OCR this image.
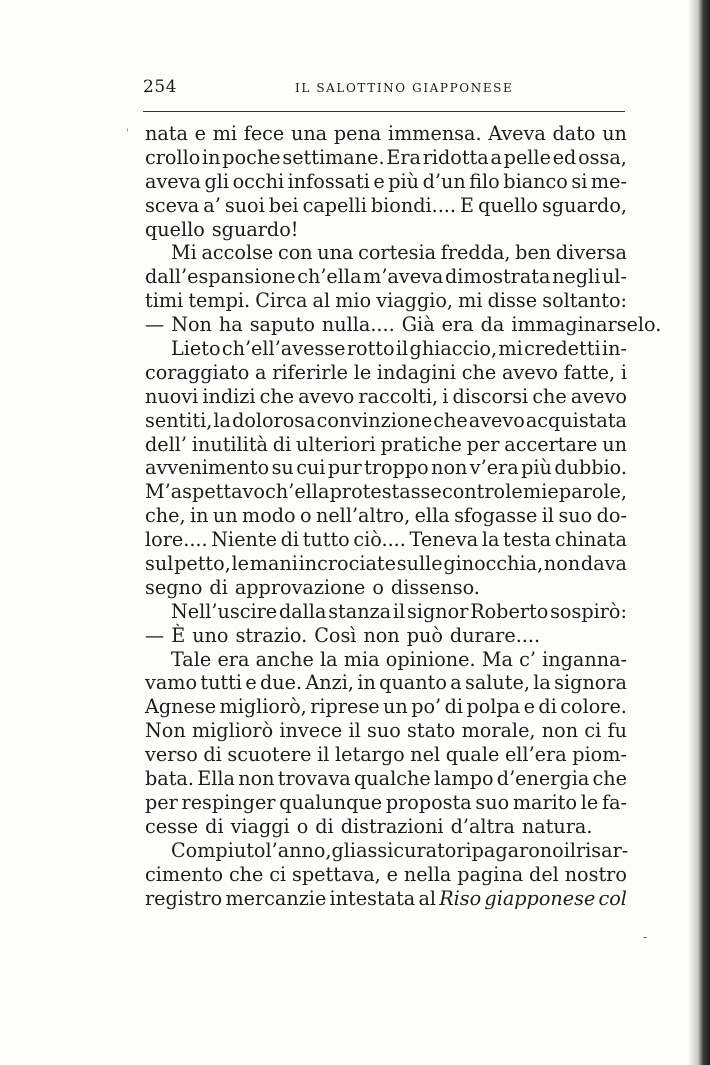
254	IL SALOTTINO GIAPPONESE
'
-
nata e mi fece una pena immensa. Aveva dato un
crollo in poche settimane. Era ridotta a pelle ed ossa,
aveva gli occhi infossati e più d’un filo bianco si me-
sceva a’ suoi bei capelli biondi.... E quello sguardo,
quello sguardo!
Mi accolse con una cortesia fredda, ben diversa
dall’espansione ch’ella m’aveva dimostrata negli ul-
timi tempi. Circa al mio viaggio, mi disse soltanto:
— Non ha saputo nulla.... Già era da immaginarselo.
Lieto ch’ell’avesse rotto il ghiaccio, mi credetti in-
coraggiato a riferirle le indagini che avevo fatte, i
nuovi indizi che avevo raccolti, i discorsi che avevo
sentiti, la dolorosa convinzione che avevo acquistata
dell’ inutilità di ulteriori pratiche per accertare un
avvenimento su cui pur troppo non v’era più dubbio.
M’aspettavo ch’ella protestasse contro le mie parole,
che, in un modo o nell’altro, ella sfogasse il suo do-
lore.... Niente di tutto ciò.... Teneva la testa chinata
sul petto, le mani incrociate sulle ginocchia, non dava
segno di approvazione o dissenso.
Nell’uscire dalla stanza il signor Roberto sospirò:
— È uno strazio. Così non può durare....
Tale era anche la mia opinione. Ma c’ inganna-
vamo tutti e due. Anzi, in quanto a salute, la signora
Agnese migliorò, riprese un po’ di polpa e di colore.
Non migliorò invece il suo stato morale, non ci fu
verso di scuotere il letargo nel quale ell’era piom-
bata. Ella non trovava qualche lampo d’energia che
per respinger qualunque proposta suo marito le fa-
cesse di viaggi o di distrazioni d’altra natura.
Compiuto l’anno, gli assicuratori pagarono il risar-
cimento che ci spettava, e nella pagina del nostro
registro mercanzie intestata al Riso giapponese col
